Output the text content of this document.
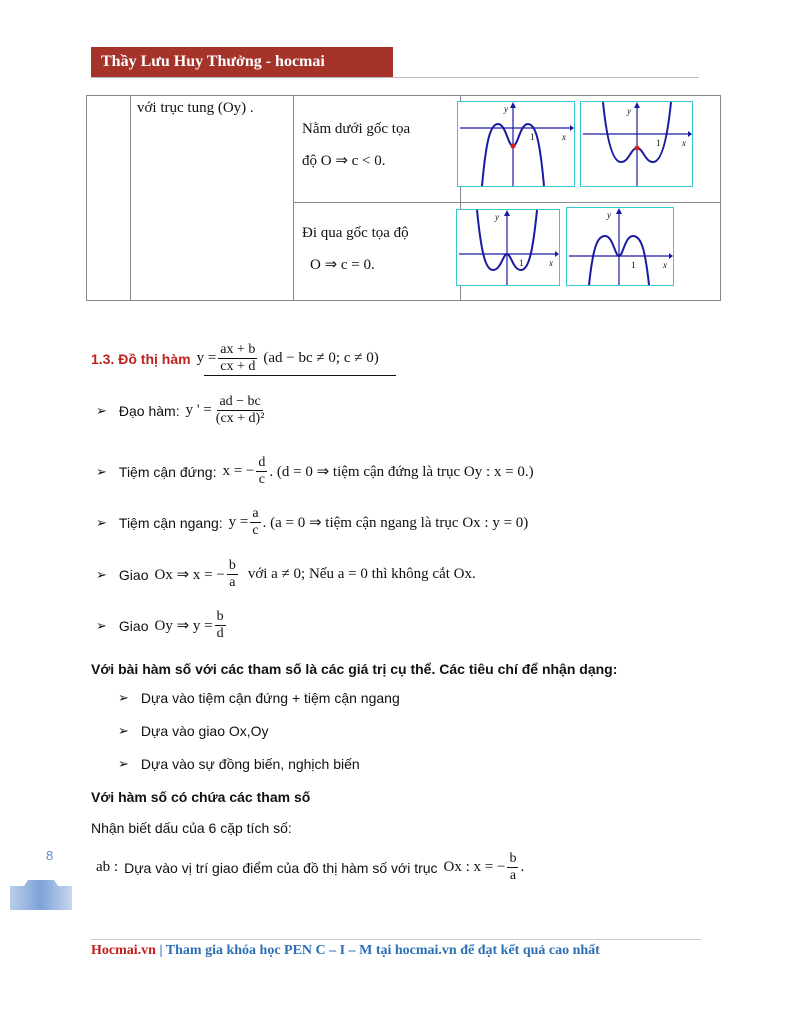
Thầy Lưu Huy Thưởng - hocmai

	với trục tung (Oy) .	Nằm dưới gốc tọa
độ O ⇒ c < 0.	

		Đi qua gốc tọa độ
O ⇒ c = 0.	

y
x
1
y
x
1
y
x
1
y
x
1
1.3. Đồ thị hàm $y = \frac{ax + b}{cx + d} (ad$ − bc ≠ 0; c ≠ 0)
➢ Đạo hàm: y ' = $\frac{ad - bc}{\text{(cx + d)²}}$
➢ Tiệm cận đứng: x = − $\frac{d}{c}$ . (d = 0 ⇒ tiệm cận đứng là trục Oy : x = 0.)
➢ Tiệm cận ngang: $y = \frac{a}{c}$ . (a = 0 ⇒ tiệm cận ngang là trục Ox : y = 0)
➢ Giao Ox ⇒ x = − $\frac{b}{a}$ với a ≠ 0; Nếu a = 0 thì không cắt Ox.
➢ Giao Oy ⇒ $y = \frac{b}{d}$
Với bài hàm số với các tham số là các giá trị cụ thể. Các tiêu chí để nhận dạng:
➢ Dựa vào tiệm cận đứng + tiệm cận ngang
➢ Dựa vào giao Ox,Oy
➢ Dựa vào sự đồng biến, nghịch biến
Với hàm số có chứa các tham số
Nhận biết dấu của 6 cặp tích số:
ab : Dựa vào vị trí giao điểm của đồ thị hàm số với trục Ox : x = − $\frac{b}{a}$ .
8
Hocmai.vn | Tham gia khóa học PEN C – I – M tại hocmai.vn để đạt kết quả cao nhất
